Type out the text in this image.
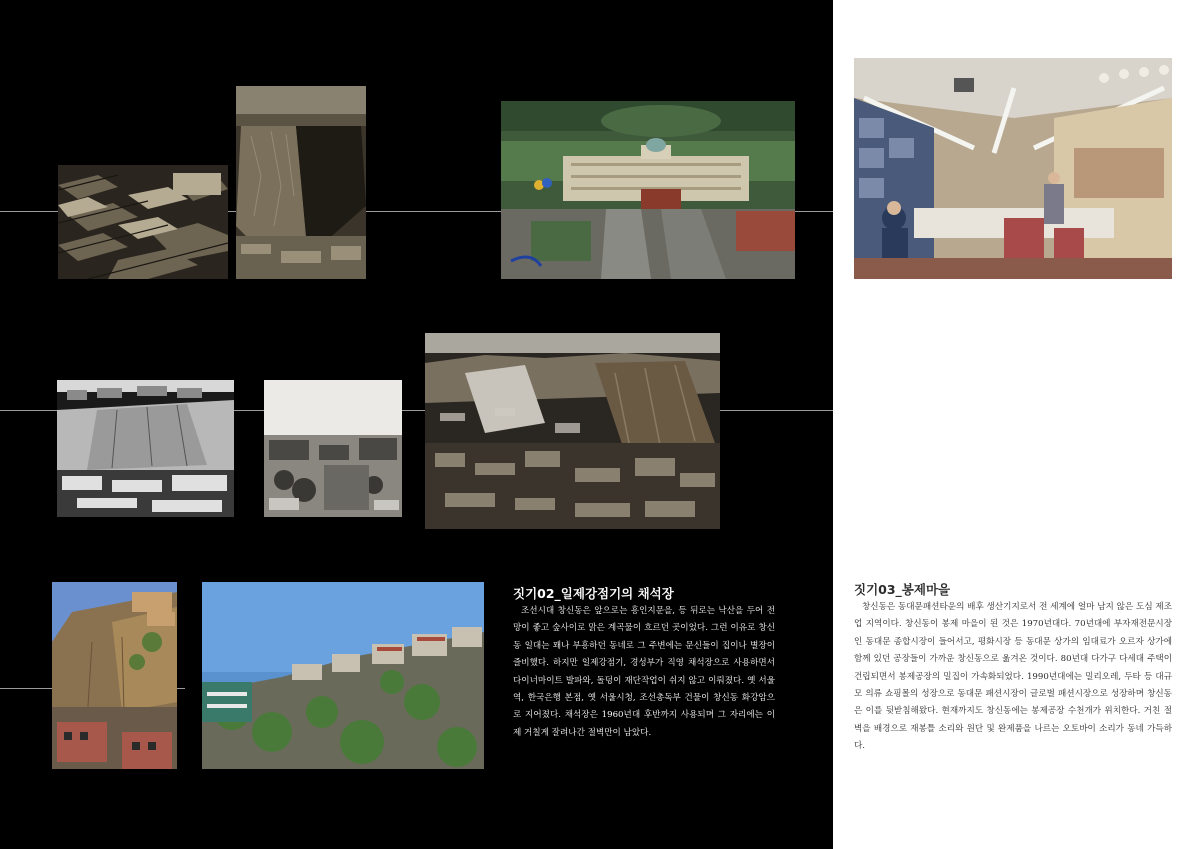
짓기02_일제강점기의 채석장

조선시대 창신동은 앞으로는 흥인지문을, 등 뒤로는 낙산을 두어 전망이 좋고 숲사이로 맑은 계곡물이 흐르던 곳이었다. 그런 이유로 창신동 일대는 꽤나 부흥하던 동네로 그 주변에는 문신들이 집이나 별장이 즐비했다. 하지만 일제강점기, 경성부가 직영 채석장으로 사용하면서 다이너마이트 발파와, 돌덩이 재단작업이 쉬지 않고 이뤄졌다. 옛 서울역, 한국은행 본점, 옛 서울시청, 조선총독부 건물이 창신동 화강암으로 지어졌다. 채석장은 1960년대 후반까지 사용되며 그 자리에는 이제 거칠게 잘려나간 절벽만이 남았다.

짓기03_봉제마을

창신동은 동대문패션타운의 배후 생산기지로서 전 세계에 얼마 남지 않은 도심 제조업 지역이다. 창신동이 봉제 마을이 된 것은 1970년대다. 70년대에 부자재전문시장인 동대문 종합시장이 들어서고, 평화시장 등 동대문 상가의 임대료가 오르자 상가에 함께 있던 공장들이 가까운 창신동으로 옮겨온 것이다. 80년대 다가구 다세대 주택이 건립되면서 봉제공장의 밀집이 가속화되었다. 1990년대에는 밀리오레, 두타 등 대규모 의류 쇼핑몰의 성장으로 동대문 패션시장이 글로벌 패션시장으로 성장하며 창신동은 이를 뒷받침해왔다. 현재까지도 창신동에는 봉제공장 수천개가 위치한다. 거친 절벽을 배경으로 재봉틀 소리와 원단 및 완제품을 나르는 오토바이 소리가 동네 가득하다.
